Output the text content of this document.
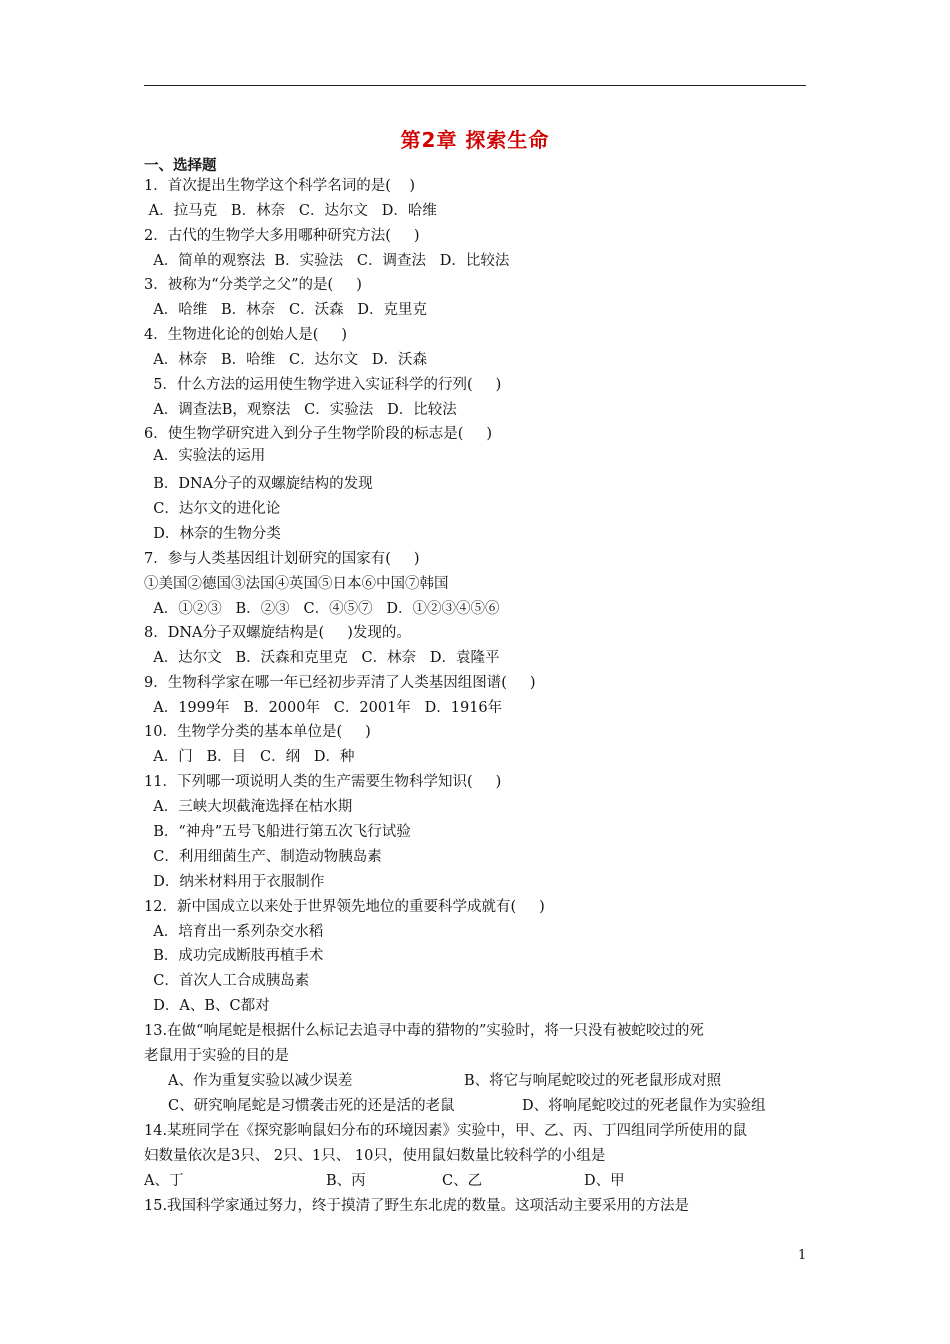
第2章 探索生命
一、选择题
1．首次提出生物学这个科学名词的是(    )
A．拉马克   B．林奈   C．达尔文   D．哈维
2．古代的生物学大多用哪种研究方法(     )
A．简单的观察法  B．实验法   C．调查法   D．比较法
3．被称为“分类学之父”的是(     )
A．哈维   B．林奈   C．沃森   D．克里克
4．生物进化论的创始人是(     )
A．林奈   B．哈维   C．达尔文   D．沃森
5．什么方法的运用使生物学进入实证科学的行列(     )
A．调查法B，观察法   C．实验法   D．比较法
6．使生物学研究进入到分子生物学阶段的标志是(     )
A．实验法的运用
B．DNA分子的双螺旋结构的发现
C．达尔文的进化论
D．林奈的生物分类
7．参与人类基因组计划研究的国家有(     )
①美国②德国③法国④英国⑤日本⑥中国⑦韩国
A．①②③   B．②③   C．④⑤⑦   D．①②③④⑤⑥
8．DNA分子双螺旋结构是(     )发现的。
A．达尔文   B．沃森和克里克   C．林奈   D．袁隆平
9．生物科学家在哪一年已经初步弄清了人类基因组图谱(     )
A．1999年   B．2000年   C．2001年   D．1916年
10．生物学分类的基本单位是(     )
A．门   B．目   C．纲   D．种
11．下列哪一项说明人类的生产需要生物科学知识(     )
A．三峡大坝截淹选择在枯水期
B．“神舟”五号飞船进行第五次飞行试验
C．利用细菌生产、制造动物胰岛素
D．纳米材料用于衣服制作
12．新中国成立以来处于世界领先地位的重要科学成就有(     )
A．培育出一系列杂交水稻
B．成功完成断肢再植手术
C．首次人工合成胰岛素
D．A、B、C都对
13.在做“响尾蛇是根据什么标记去追寻中毒的猎物的”实验时，将一只没有被蛇咬过的死
老鼠用于实验的目的是
A、作为重复实验以减少误差	B、将它与响尾蛇咬过的死老鼠形成对照
C、研究响尾蛇是习惯袭击死的还是活的老鼠	D、将响尾蛇咬过的死老鼠作为实验组
14.某班同学在《探究影响鼠妇分布的环境因素》实验中，甲、乙、丙、丁四组同学所使用的鼠
妇数量依次是3只、 2只、1只、 10只，使用鼠妇数量比较科学的小组是
A、丁	B、丙	C、乙	D、甲
15.我国科学家通过努力，终于摸清了野生东北虎的数量。这项活动主要采用的方法是
1
